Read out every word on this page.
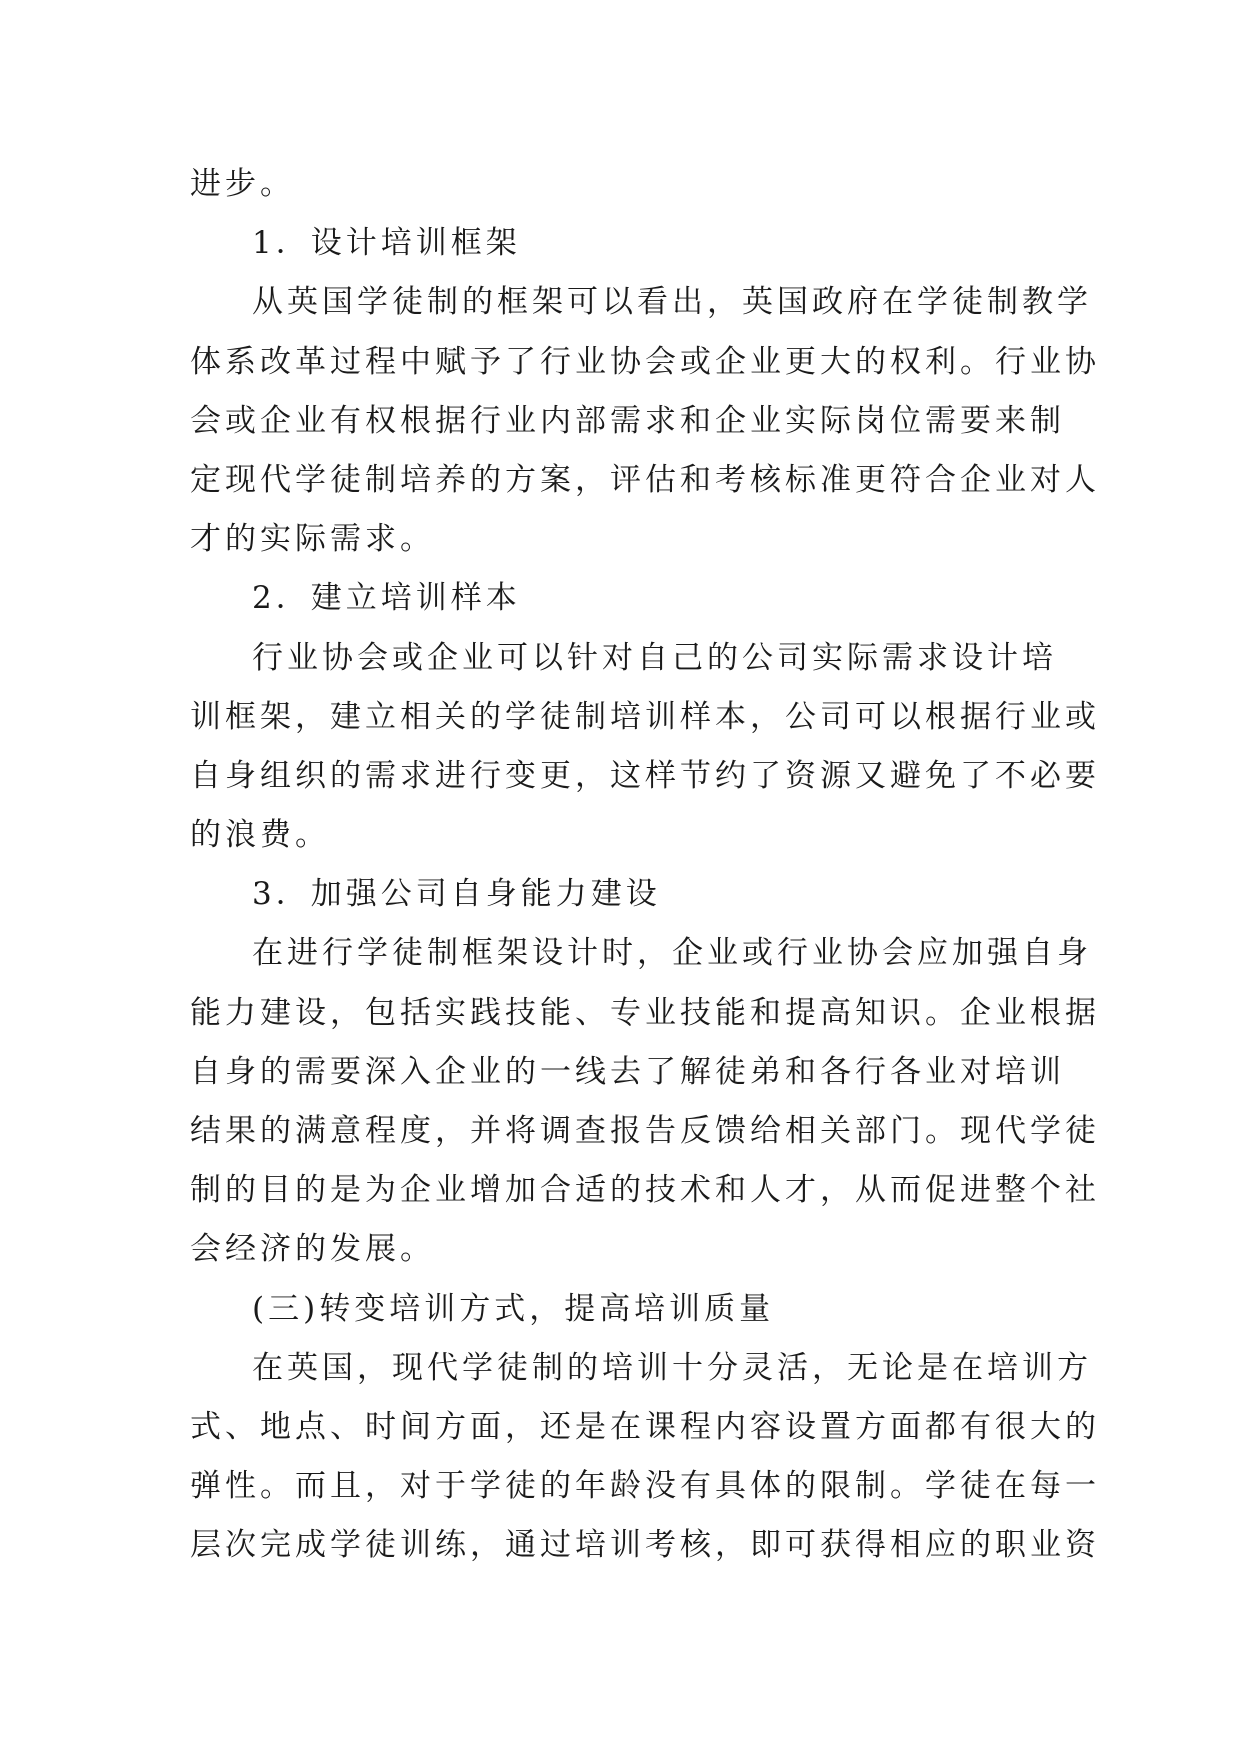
进步。
1．设计培训框架
从英国学徒制的框架可以看出，英国政府在学徒制教学
体系改革过程中赋予了行业协会或企业更大的权利。行业协
会或企业有权根据行业内部需求和企业实际岗位需要来制
定现代学徒制培养的方案，评估和考核标准更符合企业对人
才的实际需求。
2．建立培训样本
行业协会或企业可以针对自己的公司实际需求设计培
训框架，建立相关的学徒制培训样本，公司可以根据行业或
自身组织的需求进行变更，这样节约了资源又避免了不必要
的浪费。
3．加强公司自身能力建设
在进行学徒制框架设计时，企业或行业协会应加强自身
能力建设，包括实践技能、专业技能和提高知识。企业根据
自身的需要深入企业的一线去了解徒弟和各行各业对培训
结果的满意程度，并将调查报告反馈给相关部门。现代学徒
制的目的是为企业增加合适的技术和人才，从而促进整个社
会经济的发展。
(三)转变培训方式，提高培训质量
在英国，现代学徒制的培训十分灵活，无论是在培训方
式、地点、时间方面，还是在课程内容设置方面都有很大的
弹性。而且，对于学徒的年龄没有具体的限制。学徒在每一
层次完成学徒训练，通过培训考核，即可获得相应的职业资
